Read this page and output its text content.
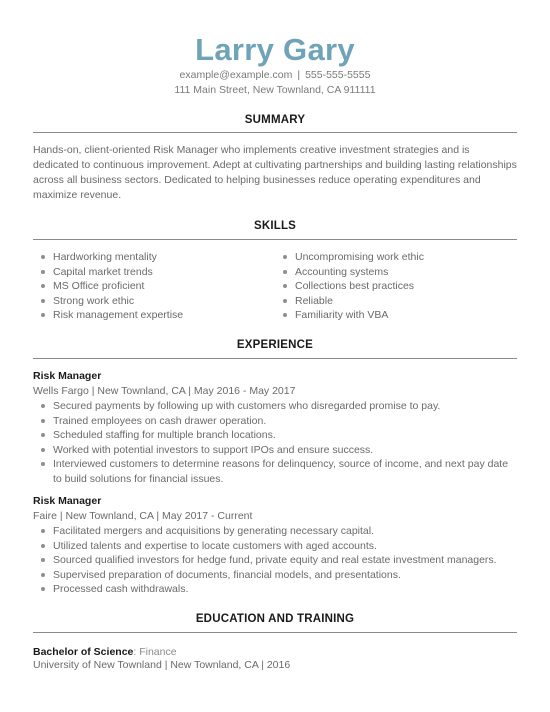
Larry Gary
example@example.com | 555-555-5555
111 Main Street, New Townland, CA 911111
SUMMARY
Hands-on, client-oriented Risk Manager who implements creative investment strategies and is dedicated to continuous improvement. Adept at cultivating partnerships and building lasting relationships across all business sectors. Dedicated to helping businesses reduce operating expenditures and maximize revenue.
SKILLS
Hardworking mentality
Capital market trends
MS Office proficient
Strong work ethic
Risk management expertise
Uncompromising work ethic
Accounting systems
Collections best practices
Reliable
Familiarity with VBA
EXPERIENCE
Risk Manager
Wells Fargo | New Townland, CA | May 2016 - May 2017
Secured payments by following up with customers who disregarded promise to pay.
Trained employees on cash drawer operation.
Scheduled staffing for multiple branch locations.
Worked with potential investors to support IPOs and ensure success.
Interviewed customers to determine reasons for delinquency, source of income, and next pay date to build solutions for financial issues.
Risk Manager
Faire | New Townland, CA | May 2017 - Current
Facilitated mergers and acquisitions by generating necessary capital.
Utilized talents and expertise to locate customers with aged accounts.
Sourced qualified investors for hedge fund, private equity and real estate investment managers.
Supervised preparation of documents, financial models, and presentations.
Processed cash withdrawals.
EDUCATION AND TRAINING
Bachelor of Science: Finance
University of New Townland | New Townland, CA | 2016
